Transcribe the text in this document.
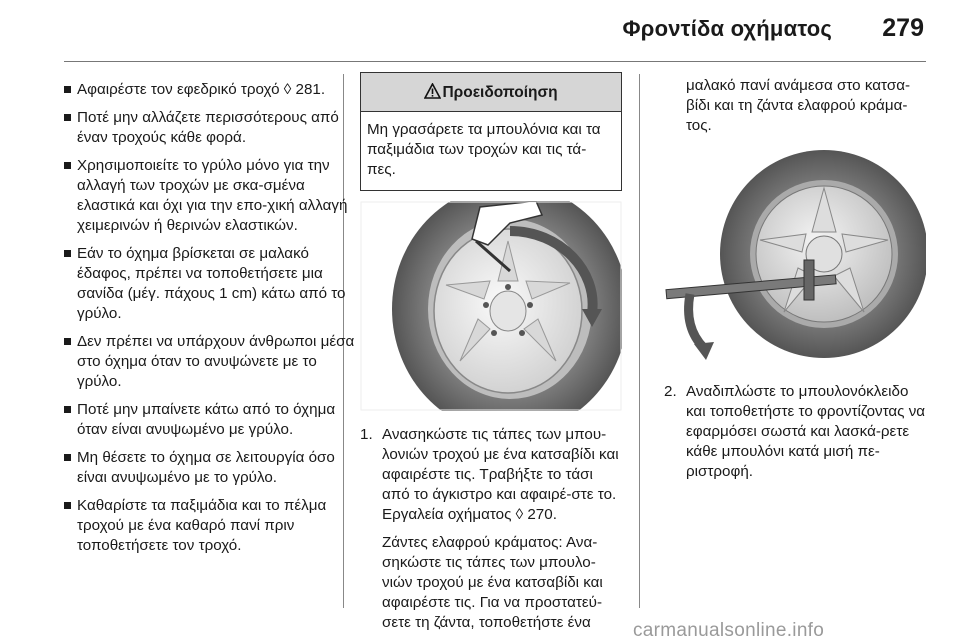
Φροντίδα οχήματος 279
Αφαιρέστε τον εφεδρικό τροχό ◊ 281.
Ποτέ μην αλλάζετε περισσότερους από έναν τροχούς κάθε φορά.
Χρησιμοποιείτε το γρύλο μόνο για την αλλαγή των τροχών με σκα-σμένα ελαστικά και όχι για την επο-χική αλλαγή χειμερινών ή θερινών ελαστικών.
Εάν το όχημα βρίσκεται σε μαλακό έδαφος, πρέπει να τοποθετήσετε μια σανίδα (μέγ. πάχους 1 cm) κάτω από το γρύλο.
Δεν πρέπει να υπάρχουν άνθρωποι μέσα στο όχημα όταν το ανυψώνετε με το γρύλο.
Ποτέ μην μπαίνετε κάτω από το όχημα όταν είναι ανυψωμένο με γρύλο.
Μη θέσετε το όχημα σε λειτουργία όσο είναι ανυψωμένο με το γρύλο.
Καθαρίστε τα παξιμάδια και το πέλμα τροχού με ένα καθαρό πανί πριν τοποθετήσετε τον τροχό.
Προειδοποίηση
Μη γρασάρετε τα μπουλόνια και τα παξιμάδια των τροχών και τις τά-πες.
1. Ανασηκώστε τις τάπες των μπου-λονιών τροχού με ένα κατσαβίδι και αφαιρέστε τις. Τραβήξτε το τάσι από το άγκιστρο και αφαιρέ-στε το. Εργαλεία οχήματος ◊ 270.

Ζάντες ελαφρού κράματος: Ανα-σηκώστε τις τάπες των μπουλο-νιών τροχού με ένα κατσαβίδι και αφαιρέστε τις. Για να προστατεύ-σετε τη ζάντα, τοποθετήστε ένα

μαλακό πανί ανάμεσα στο κατσα-βίδι και τη ζάντα ελαφρού κράμα-τος.

2. Αναδιπλώστε το μπουλονόκλειδο και τοποθετήστε το φροντίζοντας να εφαρμόσει σωστά και λασκά-ρετε κάθε μπουλόνι κατά μισή πε-ριστροφή.

carmanualsonline.info
